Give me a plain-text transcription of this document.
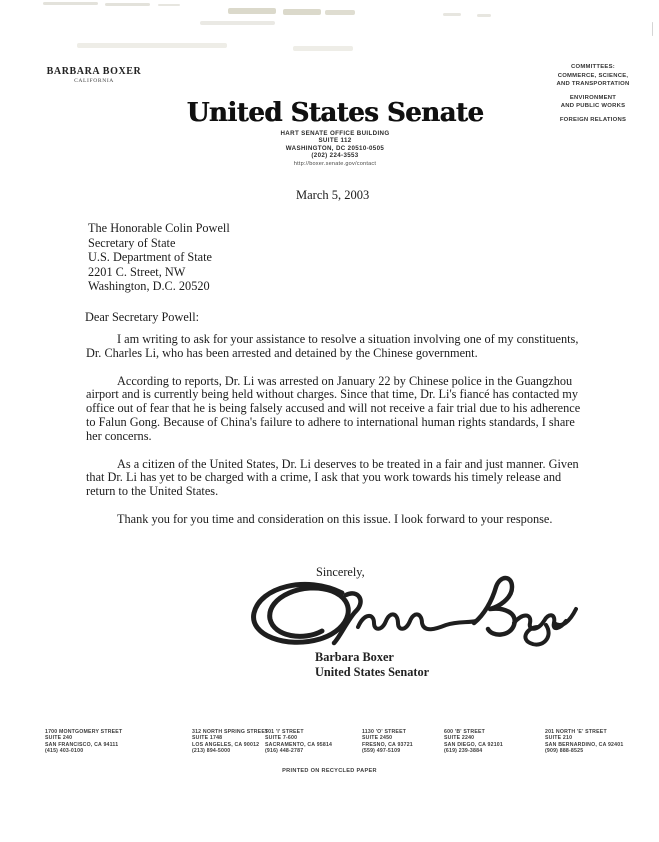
BARBARA BOXER
CALIFORNIA
COMMITTEES:
COMMERCE, SCIENCE,
AND TRANSPORTATION
ENVIRONMENT
AND PUBLIC WORKS
FOREIGN RELATIONS
United States Senate
HART SENATE OFFICE BUILDING
SUITE 112
WASHINGTON, DC 20510-0505
(202) 224-3553
http://boxer.senate.gov/contact
March 5, 2003
The Honorable Colin Powell
Secretary of State
U.S. Department of State
2201 C. Street, NW
Washington, D.C. 20520
Dear Secretary Powell:

I am writing to ask for your assistance to resolve a situation involving one of my constituents, Dr. Charles Li, who has been arrested and detained by the Chinese government.

According to reports, Dr. Li was arrested on January 22 by Chinese police in the Guangzhou airport and is currently being held without charges. Since that time, Dr. Li's fiancé has contacted my office out of fear that he is being falsely accused and will not receive a fair trial due to his adherence to Falun Gong. Because of China's failure to adhere to international human rights standards, I share her concerns.

As a citizen of the United States, Dr. Li deserves to be treated in a fair and just manner. Given that Dr. Li has yet to be charged with a crime, I ask that you work towards his timely release and return to the United States.

Thank you for you time and consideration on this issue. I look forward to your response.

Sincerely,
Barbara Boxer
United States Senator
1700 MONTGOMERY STREET
SUITE 240
SAN FRANCISCO, CA 94111
(415) 403-0100
312 NORTH SPRING STREET
SUITE 1748
LOS ANGELES, CA 90012
(213) 894-5000
501 'I' STREET
SUITE 7-600
SACRAMENTO, CA 95814
(916) 448-2787
1130 'O' STREET
SUITE 2450
FRESNO, CA 93721
(559) 497-5109
600 'B' STREET
SUITE 2240
SAN DIEGO, CA 92101
(619) 239-3884
201 NORTH 'E' STREET
SUITE 210
SAN BERNARDINO, CA 92401
(909) 888-8525
PRINTED ON RECYCLED PAPER
